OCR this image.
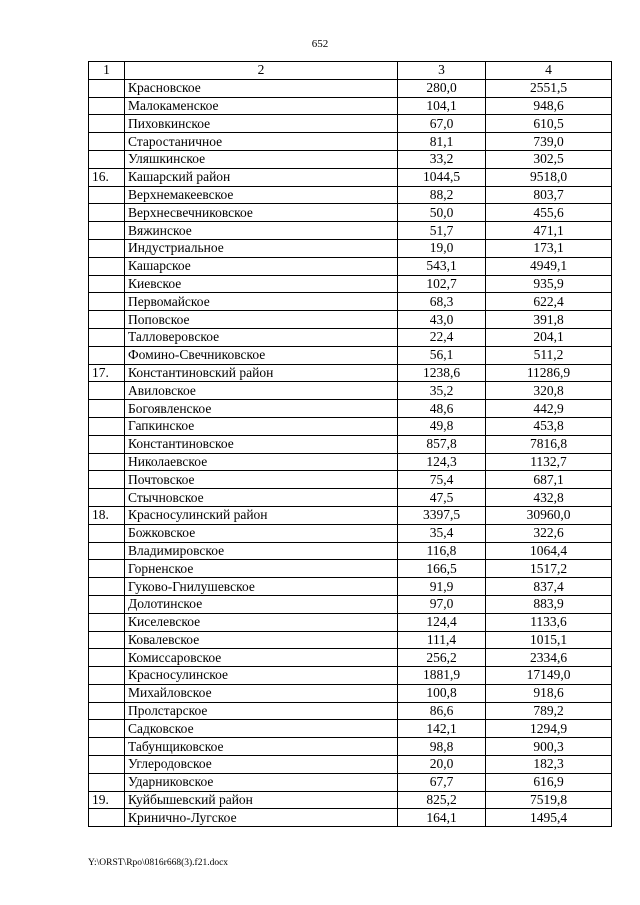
652
1	2	3	4
	Красновское	280,0	2551,5
	Малокаменское	104,1	948,6
	Пиховкинское	67,0	610,5
	Старостаничное	81,1	739,0
	Уляшкинское	33,2	302,5
16.	Кашарский район	1044,5	9518,0
	Верхнемакеевское	88,2	803,7
	Верхнесвечниковское	50,0	455,6
	Вяжинское	51,7	471,1
	Индустриальное	19,0	173,1
	Кашарское	543,1	4949,1
	Киевское	102,7	935,9
	Первомайское	68,3	622,4
	Поповское	43,0	391,8
	Талловеровское	22,4	204,1
	Фомино-Свечниковское	56,1	511,2
17.	Константиновский район	1238,6	11286,9
	Авиловское	35,2	320,8
	Богоявленское	48,6	442,9
	Гапкинское	49,8	453,8
	Константиновское	857,8	7816,8
	Николаевское	124,3	1132,7
	Почтовское	75,4	687,1
	Стычновское	47,5	432,8
18.	Красносулинский район	3397,5	30960,0
	Божковское	35,4	322,6
	Владимировское	116,8	1064,4
	Горненское	166,5	1517,2
	Гуково-Гнилушевское	91,9	837,4
	Долотинское	97,0	883,9
	Киселевское	124,4	1133,6
	Ковалевское	111,4	1015,1
	Комиссаровское	256,2	2334,6
	Красносулинское	1881,9	17149,0
	Михайловское	100,8	918,6
	Пролстарское	86,6	789,2
	Садковское	142,1	1294,9
	Табунщиковское	98,8	900,3
	Углеродовское	20,0	182,3
	Ударниковское	67,7	616,9
19.	Куйбышевский район	825,2	7519,8
	Кринично-Лугское	164,1	1495,4
Y:\ORST\Rpo\0816r668(3).f21.docx
